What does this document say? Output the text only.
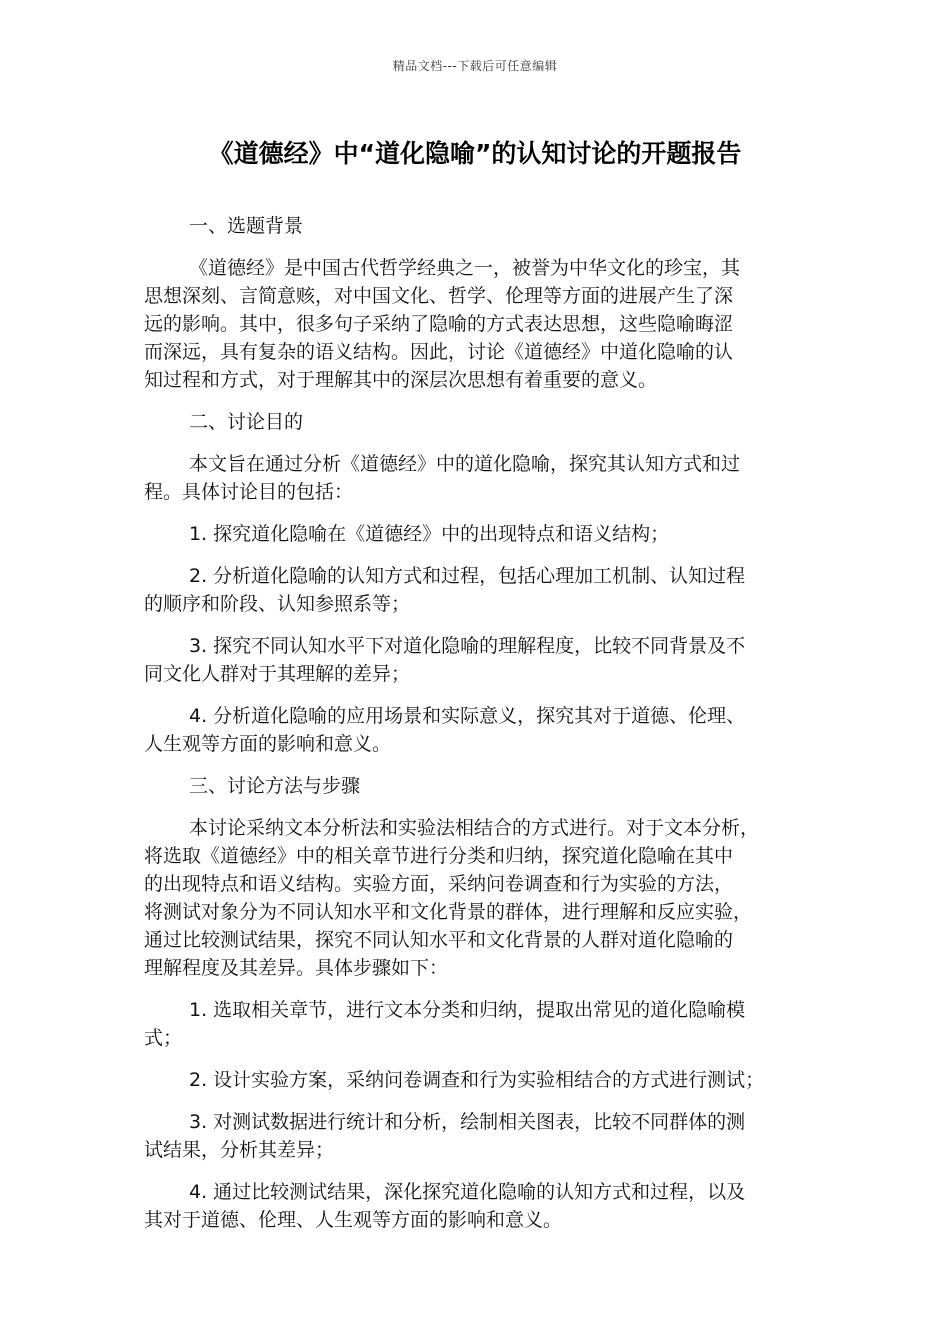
精品文档---下载后可任意编辑
《道德经》中“道化隐喻”的认知讨论的开题报告
一、选题背景
《道德经》是中国古代哲学经典之一，被誉为中华文化的珍宝，其
思想深刻、言简意赅，对中国文化、哲学、伦理等方面的进展产生了深
远的影响。其中，很多句子采纳了隐喻的方式表达思想，这些隐喻晦涩
而深远，具有复杂的语义结构。因此，讨论《道德经》中道化隐喻的认
知过程和方式，对于理解其中的深层次思想有着重要的意义。
二、讨论目的
本文旨在通过分析《道德经》中的道化隐喻，探究其认知方式和过
程。具体讨论目的包括：
1. 探究道化隐喻在《道德经》中的出现特点和语义结构；
2. 分析道化隐喻的认知方式和过程，包括心理加工机制、认知过程
的顺序和阶段、认知参照系等；
3. 探究不同认知水平下对道化隐喻的理解程度，比较不同背景及不
同文化人群对于其理解的差异；
4. 分析道化隐喻的应用场景和实际意义，探究其对于道德、伦理、
人生观等方面的影响和意义。
三、讨论方法与步骤
本讨论采纳文本分析法和实验法相结合的方式进行。对于文本分析，
将选取《道德经》中的相关章节进行分类和归纳，探究道化隐喻在其中
的出现特点和语义结构。实验方面，采纳问卷调查和行为实验的方法，
将测试对象分为不同认知水平和文化背景的群体，进行理解和反应实验，
通过比较测试结果，探究不同认知水平和文化背景的人群对道化隐喻的
理解程度及其差异。具体步骤如下：
1. 选取相关章节，进行文本分类和归纳，提取出常见的道化隐喻模
式；
2. 设计实验方案，采纳问卷调查和行为实验相结合的方式进行测试；
3. 对测试数据进行统计和分析，绘制相关图表，比较不同群体的测
试结果，分析其差异；
4. 通过比较测试结果，深化探究道化隐喻的认知方式和过程，以及
其对于道德、伦理、人生观等方面的影响和意义。
